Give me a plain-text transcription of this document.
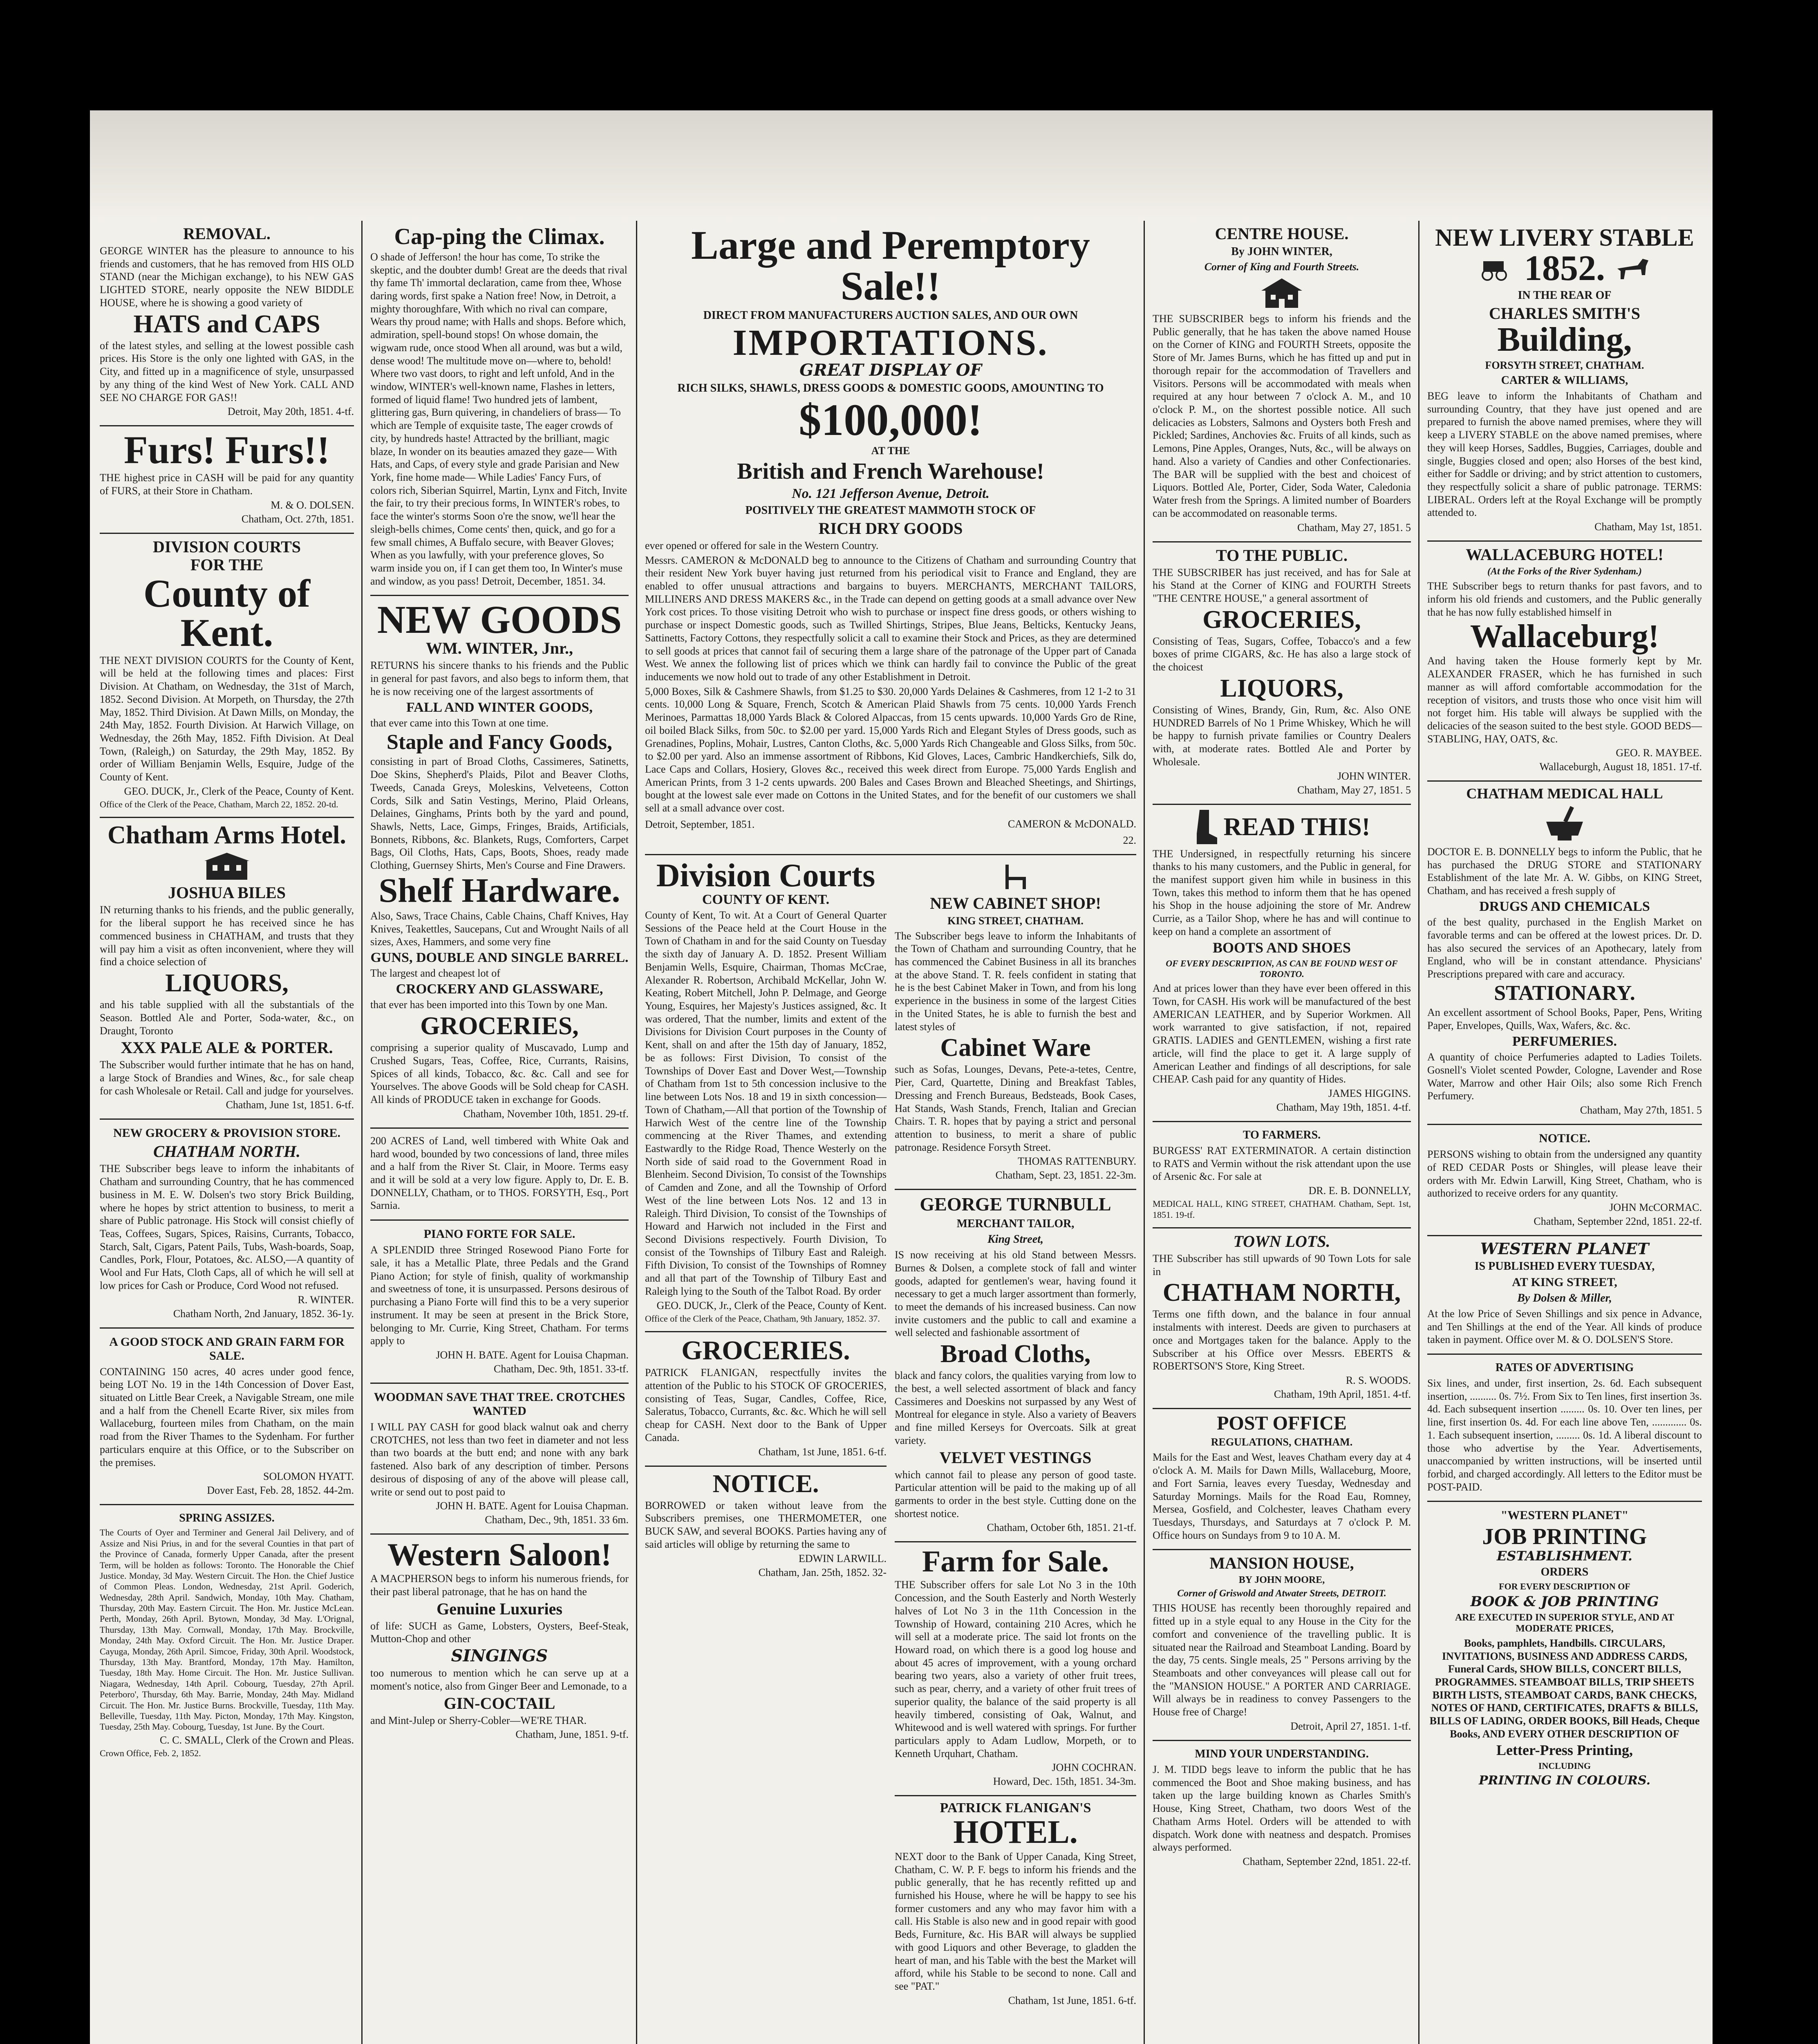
REMOVAL.

GEORGE WINTER has the pleasure to announce to his friends and customers, that he has removed from HIS OLD STAND (near the Michigan exchange), to his NEW GAS LIGHTED STORE, nearly opposite the NEW BIDDLE HOUSE, where he is showing a good variety of

HATS and CAPS

of the latest styles, and selling at the lowest possible cash prices. His Store is the only one lighted with GAS, in the City, and fitted up in a magnificence of style, unsurpassed by any thing of the kind West of New York. CALL AND SEE NO CHARGE FOR GAS!!

Detroit, May 20th, 1851. 4-tf.
Furs! Furs!!

THE highest price in CASH will be paid for any quantity of FURS, at their Store in Chatham.

M. & O. DOLSEN.
Chatham, Oct. 27th, 1851.
DIVISION COURTS
FOR THE
County of Kent.

THE NEXT DIVISION COURTS for the County of Kent, will be held at the following times and places: First Division. At Chatham, on Wednesday, the 31st of March, 1852. Second Division. At Morpeth, on Thursday, the 27th May, 1852. Third Division. At Dawn Mills, on Monday, the 24th May, 1852. Fourth Division. At Harwich Village, on Wednesday, the 26th May, 1852. Fifth Division. At Deal Town, (Raleigh,) on Saturday, the 29th May, 1852. By order of William Benjamin Wells, Esquire, Judge of the County of Kent.

GEO. DUCK, Jr., Clerk of the Peace, County of Kent.

Office of the Clerk of the Peace, Chatham, March 22, 1852. 20-td.

Chatham Arms Hotel.
JOSHUA BILES

IN returning thanks to his friends, and the public generally, for the liberal support he has received since he has commenced business in CHATHAM, and trusts that they will pay him a visit as often inconvenient, where they will find a choice selection of

LIQUORS,

and his table supplied with all the substantials of the Season. Bottled Ale and Porter, Soda-water, &c., on Draught, Toronto

XXX PALE ALE & PORTER.

The Subscriber would further intimate that he has on hand, a large Stock of Brandies and Wines, &c., for sale cheap for cash Wholesale or Retail. Call and judge for yourselves.

Chatham, June 1st, 1851. 6-tf.
NEW GROCERY & PROVISION STORE.
CHATHAM NORTH.

THE Subscriber begs leave to inform the inhabitants of Chatham and surrounding Country, that he has commenced business in M. E. W. Dolsen's two story Brick Building, where he hopes by strict attention to business, to merit a share of Public patronage. His Stock will consist chiefly of Teas, Coffees, Sugars, Spices, Raisins, Currants, Tobacco, Starch, Salt, Cigars, Patent Pails, Tubs, Wash-boards, Soap, Candles, Pork, Flour, Potatoes, &c. ALSO,—A quantity of Wool and Fur Hats, Cloth Caps, all of which he will sell at low prices for Cash or Produce, Cord Wood not refused.

R. WINTER.
Chatham North, 2nd January, 1852. 36-1y.
A GOOD STOCK AND GRAIN FARM FOR SALE.

CONTAINING 150 acres, 40 acres under good fence, being LOT No. 19 in the 14th Concession of Dover East, situated on Little Bear Creek, a Navigable Stream, one mile and a half from the Chenell Ecarte River, six miles from Wallaceburg, fourteen miles from Chatham, on the main road from the River Thames to the Sydenham. For further particulars enquire at this Office, or to the Subscriber on the premises.

SOLOMON HYATT.
Dover East, Feb. 28, 1852. 44-2m.
SPRING ASSIZES.

The Courts of Oyer and Terminer and General Jail Delivery, and of Assize and Nisi Prius, in and for the several Counties in that part of the Province of Canada, formerly Upper Canada, after the present Term, will be holden as follows: Toronto. The Honorable the Chief Justice. Monday, 3d May. Western Circuit. The Hon. the Chief Justice of Common Pleas. London, Wednesday, 21st April. Goderich, Wednesday, 28th April. Sandwich, Monday, 10th May. Chatham, Thursday, 20th May. Eastern Circuit. The Hon. Mr. Justice McLean. Perth, Monday, 26th April. Bytown, Monday, 3d May. L'Orignal, Thursday, 13th May. Cornwall, Monday, 17th May. Brockville, Monday, 24th May. Oxford Circuit. The Hon. Mr. Justice Draper. Cayuga, Monday, 26th April. Simcoe, Friday, 30th April. Woodstock, Thursday, 13th May. Brantford, Monday, 17th May. Hamilton, Tuesday, 18th May. Home Circuit. The Hon. Mr. Justice Sullivan. Niagara, Wednesday, 14th April. Cobourg, Tuesday, 27th April. Peterboro', Thursday, 6th May. Barrie, Monday, 24th May. Midland Circuit. The Hon. Mr. Justice Burns. Brockville, Tuesday, 11th May. Belleville, Tuesday, 11th May. Picton, Monday, 17th May. Kingston, Tuesday, 25th May. Cobourg, Tuesday, 1st June. By the Court.

C. C. SMALL, Clerk of the Crown and Pleas.
Crown Office, Feb. 2, 1852.
Cap-ping the Climax.

O shade of Jefferson! the hour has come, To strike the skeptic, and the doubter dumb! Great are the deeds that rival thy fame Th' immortal declaration, came from thee, Whose daring words, first spake a Nation free! Now, in Detroit, a mighty thoroughfare, With which no rival can compare, Wears thy proud name; with Halls and shops. Before which, admiration, spell-bound stops! On whose domain, the wigwam rude, once stood When all around, was but a wild, dense wood! The multitude move on—where to, behold! Where two vast doors, to right and left unfold, And in the window, WINTER's well-known name, Flashes in letters, formed of liquid flame! Two hundred jets of lambent, glittering gas, Burn quivering, in chandeliers of brass— To which are Temple of exquisite taste, The eager crowds of city, by hundreds haste! Attracted by the brilliant, magic blaze, In wonder on its beauties amazed they gaze— With Hats, and Caps, of every style and grade Parisian and New York, fine home made— While Ladies' Fancy Furs, of colors rich, Siberian Squirrel, Martin, Lynx and Fitch, Invite the fair, to try their precious forms, In WINTER's robes, to face the winter's storms Soon o're the snow, we'll hear the sleigh-bells chimes, Come cents' then, quick, and go for a few small chimes, A Buffalo secure, with Beaver Gloves; When as you lawfully, with your preference gloves, So warm inside you on, if I can get them too, In Winter's muse and window, as you pass! Detroit, December, 1851. 34.

NEW GOODS
WM. WINTER, Jnr.,

RETURNS his sincere thanks to his friends and the Public in general for past favors, and also begs to inform them, that he is now receiving one of the largest assortments of

FALL AND WINTER GOODS,

that ever came into this Town at one time.

Staple and Fancy Goods,

consisting in part of Broad Cloths, Cassimeres, Satinetts, Doe Skins, Shepherd's Plaids, Pilot and Beaver Cloths, Tweeds, Canada Greys, Moleskins, Velveteens, Cotton Cords, Silk and Satin Vestings, Merino, Plaid Orleans, Delaines, Ginghams, Prints both by the yard and pound, Shawls, Netts, Lace, Gimps, Fringes, Braids, Artificials, Bonnets, Ribbons, &c. Blankets, Rugs, Comforters, Carpet Bags, Oil Cloths, Hats, Caps, Boots, Shoes, ready made Clothing, Guernsey Shirts, Men's Course and Fine Drawers.

Shelf Hardware.

Also, Saws, Trace Chains, Cable Chains, Chaff Knives, Hay Knives, Teakettles, Saucepans, Cut and Wrought Nails of all sizes, Axes, Hammers, and some very fine

GUNS, DOUBLE AND SINGLE BARREL.

The largest and cheapest lot of

CROCKERY AND GLASSWARE,

that ever has been imported into this Town by one Man.

GROCERIES,

comprising a superior quality of Muscavado, Lump and Crushed Sugars, Teas, Coffee, Rice, Currants, Raisins, Spices of all kinds, Tobacco, &c. &c. Call and see for Yourselves. The above Goods will be Sold cheap for CASH. All kinds of PRODUCE taken in exchange for Goods.

Chatham, November 10th, 1851. 29-tf.

200 ACRES of Land, well timbered with White Oak and hard wood, bounded by two concessions of land, three miles and a half from the River St. Clair, in Moore. Terms easy and it will be sold at a very low figure. Apply to, Dr. E. B. DONNELLY, Chatham, or to THOS. FORSYTH, Esq., Port Sarnia.

PIANO FORTE FOR SALE.

A SPLENDID three Stringed Rosewood Piano Forte for sale, it has a Metallic Plate, three Pedals and the Grand Piano Action; for style of finish, quality of workmanship and sweetness of tone, it is unsurpassed. Persons desirous of purchasing a Piano Forte will find this to be a very superior instrument. It may be seen at present in the Brick Store, belonging to Mr. Currie, King Street, Chatham. For terms apply to

JOHN H. BATE. Agent for Louisa Chapman.
Chatham, Dec. 9th, 1851. 33-tf.
WOODMAN SAVE THAT TREE. CROTCHES WANTED

I WILL PAY CASH for good black walnut oak and cherry CROTCHES, not less than two feet in diameter and not less than two boards at the butt end; and none with any bark fastened. Also bark of any description of timber. Persons desirous of disposing of any of the above will please call, write or send out to post paid to

JOHN H. BATE. Agent for Louisa Chapman.
Chatham, Dec., 9th, 1851. 33 6m.
Western Saloon!

A MACPHERSON begs to inform his numerous friends, for their past liberal patronage, that he has on hand the

Genuine Luxuries

of life: SUCH as Game, Lobsters, Oysters, Beef-Steak, Mutton-Chop and other

SINGINGS

too numerous to mention which he can serve up at a moment's notice, also from Ginger Beer and Lemonade, to a

GIN-COCTAIL

and Mint-Julep or Sherry-Cobler—WE'RE THAR.

Chatham, June, 1851. 9-tf.
Large and Peremptory Sale!!
DIRECT FROM MANUFACTURERS AUCTION SALES, AND OUR OWN
IMPORTATIONS.
GREAT DISPLAY OF
RICH SILKS, SHAWLS, DRESS GOODS & DOMESTIC GOODS, AMOUNTING TO
$100,000!
AT THE
British and French Warehouse!
No. 121 Jefferson Avenue, Detroit.
POSITIVELY THE GREATEST MAMMOTH STOCK OF
RICH DRY GOODS

ever opened or offered for sale in the Western Country.

Messrs. CAMERON & McDONALD beg to announce to the Citizens of Chatham and surrounding Country that their resident New York buyer having just returned from his periodical visit to France and England, they are enabled to offer unusual attractions and bargains to buyers. MERCHANTS, MERCHANT TAILORS, MILLINERS AND DRESS MAKERS &c., in the Trade can depend on getting goods at a small advance over New York cost prices. To those visiting Detroit who wish to purchase or inspect fine dress goods, or others wishing to purchase or inspect Domestic goods, such as Twilled Shirtings, Stripes, Blue Jeans, Belticks, Kentucky Jeans, Sattinetts, Factory Cottons, they respectfully solicit a call to examine their Stock and Prices, as they are determined to sell goods at prices that cannot fail of securing them a large share of the patronage of the Upper part of Canada West. We annex the following list of prices which we think can hardly fail to convince the Public of the great inducements we now hold out to trade of any other Establishment in Detroit.

5,000 Boxes, Silk & Cashmere Shawls, from $1.25 to $30. 20,000 Yards Delaines & Cashmeres, from 12 1-2 to 31 cents. 10,000 Long & Square, French, Scotch & American Plaid Shawls from 75 cents. 10,000 Yards French Merinoes, Parmattas 18,000 Yards Black & Colored Alpaccas, from 15 cents upwards. 10,000 Yards Gro de Rine, oil boiled Black Silks, from 50c. to $2.00 per yard. 15,000 Yards Rich and Elegant Styles of Dress goods, such as Grenadines, Poplins, Mohair, Lustres, Canton Cloths, &c. 5,000 Yards Rich Changeable and Gloss Silks, from 50c. to $2.00 per yard. Also an immense assortment of Ribbons, Kid Gloves, Laces, Cambric Handkerchiefs, Silk do, Lace Caps and Collars, Hosiery, Gloves &c., received this week direct from Europe. 75,000 Yards English and American Prints, from 3 1-2 cents upwards. 200 Bales and Cases Brown and Bleached Sheetings, and Shirtings, bought at the lowest sale ever made on Cottons in the United States, and for the benefit of our customers we shall sell at a small advance over cost.

Detroit, September, 1851.	CAMERON & McDONALD.
22.
Division Courts
COUNTY OF KENT.

County of Kent, To wit. At a Court of General Quarter Sessions of the Peace held at the Court House in the Town of Chatham in and for the said County on Tuesday the sixth day of January A. D. 1852. Present William Benjamin Wells, Esquire, Chairman, Thomas McCrae, Alexander R. Robertson, Archibald McKellar, John W. Keating, Robert Mitchell, John P. Delmage, and George Young, Esquires, her Majesty's Justices assigned, &c. It was ordered, That the number, limits and extent of the Divisions for Division Court purposes in the County of Kent, shall on and after the 15th day of January, 1852, be as follows: First Division, To consist of the Townships of Dover East and Dover West,—Township of Chatham from 1st to 5th concession inclusive to the line between Lots Nos. 18 and 19 in sixth concession—Town of Chatham,—All that portion of the Township of Harwich West of the centre line of the Township commencing at the River Thames, and extending Eastwardly to the Ridge Road, Thence Westerly on the North side of said road to the Government Road in Blenheim. Second Division, To consist of the Townships of Camden and Zone, and all the Township of Orford West of the line between Lots Nos. 12 and 13 in Raleigh. Third Division, To consist of the Townships of Howard and Harwich not included in the First and Second Divisions respectively. Fourth Division, To consist of the Townships of Tilbury East and Raleigh. Fifth Division, To consist of the Townships of Romney and all that part of the Township of Tilbury East and Raleigh lying to the South of the Talbot Road. By order

GEO. DUCK, Jr., Clerk of the Peace, County of Kent.

Office of the Clerk of the Peace, Chatham, 9th January, 1852. 37.

GROCERIES.

PATRICK FLANIGAN, respectfully invites the attention of the Public to his STOCK OF GROCERIES, consisting of Teas, Sugar, Candles, Coffee, Rice, Saleratus, Tobacco, Currants, &c. &c. Which he will sell cheap for CASH. Next door to the Bank of Upper Canada.

Chatham, 1st June, 1851. 6-tf.
NOTICE.

BORROWED or taken without leave from the Subscribers premises, one THERMOMETER, one BUCK SAW, and several BOOKS. Parties having any of said articles will oblige by returning the same to

EDWIN LARWILL.
Chatham, Jan. 25th, 1852. 32-
NEW CABINET SHOP!
KING STREET, CHATHAM.

The Subscriber begs leave to inform the Inhabitants of the Town of Chatham and surrounding Country, that he has commenced the Cabinet Business in all its branches at the above Stand. T. R. feels confident in stating that he is the best Cabinet Maker in Town, and from his long experience in the business in some of the largest Cities in the United States, he is able to furnish the best and latest styles of

Cabinet Ware

such as Sofas, Lounges, Devans, Pete-a-tetes, Centre, Pier, Card, Quartette, Dining and Breakfast Tables, Dressing and French Bureaus, Bedsteads, Book Cases, Hat Stands, Wash Stands, French, Italian and Grecian Chairs. T. R. hopes that by paying a strict and personal attention to business, to merit a share of public patronage. Residence Forsyth Street.

THOMAS RATTENBURY.
Chatham, Sept. 23, 1851. 22-3m.
GEORGE TURNBULL
MERCHANT TAILOR,
King Street,

IS now receiving at his old Stand between Messrs. Burnes & Dolsen, a complete stock of fall and winter goods, adapted for gentlemen's wear, having found it necessary to get a much larger assortment than formerly, to meet the demands of his increased business. Can now invite customers and the public to call and examine a well selected and fashionable assortment of

Broad Cloths,

black and fancy colors, the qualities varying from low to the best, a well selected assortment of black and fancy Cassimeres and Doeskins not surpassed by any West of Montreal for elegance in style. Also a variety of Beavers and fine milled Kerseys for Overcoats. Silk at great variety.

VELVET VESTINGS

which cannot fail to please any person of good taste. Particular attention will be paid to the making up of all garments to order in the best style. Cutting done on the shortest notice.

Chatham, October 6th, 1851. 21-tf.
Farm for Sale.

THE Subscriber offers for sale Lot No 3 in the 10th Concession, and the South Easterly and North Westerly halves of Lot No 3 in the 11th Concession in the Township of Howard, containing 210 Acres, which he will sell at a moderate price. The said lot fronts on the Howard road, on which there is a good log house and about 45 acres of improvement, with a young orchard bearing two years, also a variety of other fruit trees, such as pear, cherry, and a variety of other fruit trees of superior quality, the balance of the said property is all heavily timbered, consisting of Oak, Walnut, and Whitewood and is well watered with springs. For further particulars apply to Adam Ludlow, Morpeth, or to Kenneth Urquhart, Chatham.

JOHN COCHRAN.
Howard, Dec. 15th, 1851. 34-3m.
PATRICK FLANIGAN'S
HOTEL.

NEXT door to the Bank of Upper Canada, King Street, Chatham, C. W. P. F. begs to inform his friends and the public generally, that he has recently refitted up and furnished his House, where he will be happy to see his former customers and any who may favor him with a call. His Stable is also new and in good repair with good Beds, Furniture, &c. His BAR will always be supplied with good Liquors and other Beverage, to gladden the heart of man, and his Table with the best the Market will afford, while his Stable to be second to none. Call and see "PAT."

Chatham, 1st June, 1851. 6-tf.
CENTRE HOUSE.
By JOHN WINTER,
Corner of King and Fourth Streets.

THE SUBSCRIBER begs to inform his friends and the Public generally, that he has taken the above named House on the Corner of KING and FOURTH Streets, opposite the Store of Mr. James Burns, which he has fitted up and put in thorough repair for the accommodation of Travellers and Visitors. Persons will be accommodated with meals when required at any hour between 7 o'clock A. M., and 10 o'clock P. M., on the shortest possible notice. All such delicacies as Lobsters, Salmons and Oysters both Fresh and Pickled; Sardines, Anchovies &c. Fruits of all kinds, such as Lemons, Pine Apples, Oranges, Nuts, &c., will be always on hand. Also a variety of Candies and other Confectionaries. The BAR will be supplied with the best and choicest of Liquors. Bottled Ale, Porter, Cider, Soda Water, Caledonia Water fresh from the Springs. A limited number of Boarders can be accommodated on reasonable terms.

Chatham, May 27, 1851. 5
TO THE PUBLIC.

THE SUBSCRIBER has just received, and has for Sale at his Stand at the Corner of KING and FOURTH Streets "THE CENTRE HOUSE," a general assortment of

GROCERIES,

Consisting of Teas, Sugars, Coffee, Tobacco's and a few boxes of prime CIGARS, &c. He has also a large stock of the choicest

LIQUORS,

Consisting of Wines, Brandy, Gin, Rum, &c. Also ONE HUNDRED Barrels of No 1 Prime Whiskey, Which he will be happy to furnish private families or Country Dealers with, at moderate rates. Bottled Ale and Porter by Wholesale.

JOHN WINTER.
Chatham, May 27, 1851. 5
READ THIS!

THE Undersigned, in respectfully returning his sincere thanks to his many customers, and the Public in general, for the manifest support given him while in business in this Town, takes this method to inform them that he has opened his Shop in the house adjoining the store of Mr. Andrew Currie, as a Tailor Shop, where he has and will continue to keep on hand a complete an assortment of

BOOTS AND SHOES
OF EVERY DESCRIPTION, AS CAN BE FOUND WEST OF TORONTO.

And at prices lower than they have ever been offered in this Town, for CASH. His work will be manufactured of the best AMERICAN LEATHER, and by Superior Workmen. All work warranted to give satisfaction, if not, repaired GRATIS. LADIES and GENTLEMEN, wishing a first rate article, will find the place to get it. A large supply of American Leather and findings of all descriptions, for sale CHEAP. Cash paid for any quantity of Hides.

JAMES HIGGINS.
Chatham, May 19th, 1851. 4-tf.
TO FARMERS.

BURGESS' RAT EXTERMINATOR. A certain distinction to RATS and Vermin without the risk attendant upon the use of Arsenic &c. For sale at

DR. E. B. DONNELLY,

MEDICAL HALL, KING STREET, CHATHAM. Chatham, Sept. 1st, 1851. 19-tf.

TOWN LOTS.

THE Subscriber has still upwards of 90 Town Lots for sale in

CHATHAM NORTH,

Terms one fifth down, and the balance in four annual instalments with interest. Deeds are given to purchasers at once and Mortgages taken for the balance. Apply to the Subscriber at his Office over Messrs. EBERTS & ROBERTSON'S Store, King Street.

R. S. WOODS.
Chatham, 19th April, 1851. 4-tf.
POST OFFICE
REGULATIONS, CHATHAM.

Mails for the East and West, leaves Chatham every day at 4 o'clock A. M. Mails for Dawn Mills, Wallaceburg, Moore, and Fort Sarnia, leaves every Tuesday, Wednesday and Saturday Mornings. Mails for the Road Eau, Romney, Mersea, Gosfield, and Colchester, leaves Chatham every Tuesdays, Thursdays, and Saturdays at 7 o'clock P. M. Office hours on Sundays from 9 to 10 A. M.

MANSION HOUSE,
BY JOHN MOORE,
Corner of Griswold and Atwater Streets, DETROIT.

THIS HOUSE has recently been thoroughly repaired and fitted up in a style equal to any House in the City for the comfort and convenience of the travelling public. It is situated near the Railroad and Steamboat Landing. Board by the day, 75 cents. Single meals, 25 " Persons arriving by the Steamboats and other conveyances will please call out for the "MANSION HOUSE." A PORTER AND CARRIAGE. Will always be in readiness to convey Passengers to the House free of Charge!

Detroit, April 27, 1851. 1-tf.
MIND YOUR UNDERSTANDING.

J. M. TIDD begs leave to inform the public that he has commenced the Boot and Shoe making business, and has taken up the large building known as Charles Smith's House, King Street, Chatham, two doors West of the Chatham Arms Hotel. Orders will be attended to with dispatch. Work done with neatness and despatch. Promises always performed.

Chatham, September 22nd, 1851. 22-tf.
NEW LIVERY STABLE
1852.
IN THE REAR OF
CHARLES SMITH'S
Building,
FORSYTH STREET, CHATHAM.
CARTER & WILLIAMS,

BEG leave to inform the Inhabitants of Chatham and surrounding Country, that they have just opened and are prepared to furnish the above named premises, where they will keep a LIVERY STABLE on the above named premises, where they will keep Horses, Saddles, Buggies, Carriages, double and single, Buggies closed and open; also Horses of the best kind, either for Saddle or driving; and by strict attention to customers, they respectfully solicit a share of public patronage. TERMS: LIBERAL. Orders left at the Royal Exchange will be promptly attended to.

Chatham, May 1st, 1851.
WALLACEBURG HOTEL!
(At the Forks of the River Sydenham.)

THE Subscriber begs to return thanks for past favors, and to inform his old friends and customers, and the Public generally that he has now fully established himself in

Wallaceburg!

And having taken the House formerly kept by Mr. ALEXANDER FRASER, which he has furnished in such manner as will afford comfortable accommodation for the reception of visitors, and trusts those who once visit him will not forget him. His table will always be supplied with the delicacies of the season suited to the best style. GOOD BEDS—STABLING, HAY, OATS, &c.

GEO. R. MAYBEE.
Wallaceburgh, August 18, 1851. 17-tf.
CHATHAM MEDICAL HALL

DOCTOR E. B. DONNELLY begs to inform the Public, that he has purchased the DRUG STORE and STATIONARY Establishment of the late Mr. A. W. Gibbs, on KING Street, Chatham, and has received a fresh supply of

DRUGS AND CHEMICALS

of the best quality, purchased in the English Market on favorable terms and can be offered at the lowest prices. Dr. D. has also secured the services of an Apothecary, lately from England, who will be in constant attendance. Physicians' Prescriptions prepared with care and accuracy.

STATIONARY.

An excellent assortment of School Books, Paper, Pens, Writing Paper, Envelopes, Quills, Wax, Wafers, &c. &c.

PERFUMERIES.

A quantity of choice Perfumeries adapted to Ladies Toilets. Gosnell's Violet scented Powder, Cologne, Lavender and Rose Water, Marrow and other Hair Oils; also some Rich French Perfumery.

Chatham, May 27th, 1851. 5
NOTICE.

PERSONS wishing to obtain from the undersigned any quantity of RED CEDAR Posts or Shingles, will please leave their orders with Mr. Edwin Larwill, King Street, Chatham, who is authorized to receive orders for any quantity.

JOHN McCORMAC.
Chatham, September 22nd, 1851. 22-tf.
WESTERN PLANET
IS PUBLISHED EVERY TUESDAY,
AT KING STREET,
By Dolsen & Miller,

At the low Price of Seven Shillings and six pence in Advance, and Ten Shillings at the end of the Year. All kinds of produce taken in payment. Office over M. & O. DOLSEN'S Store.

RATES OF ADVERTISING

Six lines, and under, first insertion, 2s. 6d. Each subsequent insertion, .......... 0s. 7½. From Six to Ten lines, first insertion 3s. 4d. Each subsequent insertion ......... 0s. 10. Over ten lines, per line, first insertion 0s. 4d. For each line above Ten, ............. 0s. 1. Each subsequent insertion, ......... 0s. 1d. A liberal discount to those who advertise by the Year. Advertisements, unaccompanied by written instructions, will be inserted until forbid, and charged accordingly. All letters to the Editor must be POST-PAID.

"WESTERN PLANET"
JOB PRINTING
ESTABLISHMENT.
ORDERS
FOR EVERY DESCRIPTION OF
BOOK & JOB PRINTING
ARE EXECUTED IN SUPERIOR STYLE, AND AT MODERATE PRICES,

Books, pamphlets, Handbills. CIRCULARS, INVITATIONS, BUSINESS AND ADDRESS CARDS, Funeral Cards, SHOW BILLS, CONCERT BILLS, PROGRAMMES. STEAMBOAT BILLS, TRIP SHEETS BIRTH LISTS, STEAMBOAT CARDS, BANK CHECKS, NOTES OF HAND, CERTIFICATES, DRAFTS & BILLS, BILLS OF LADING, ORDER BOOKS, Bill Heads, Cheque Books, AND EVERY OTHER DESCRIPTION OF

Letter-Press Printing,
INCLUDING
PRINTING IN COLOURS.
